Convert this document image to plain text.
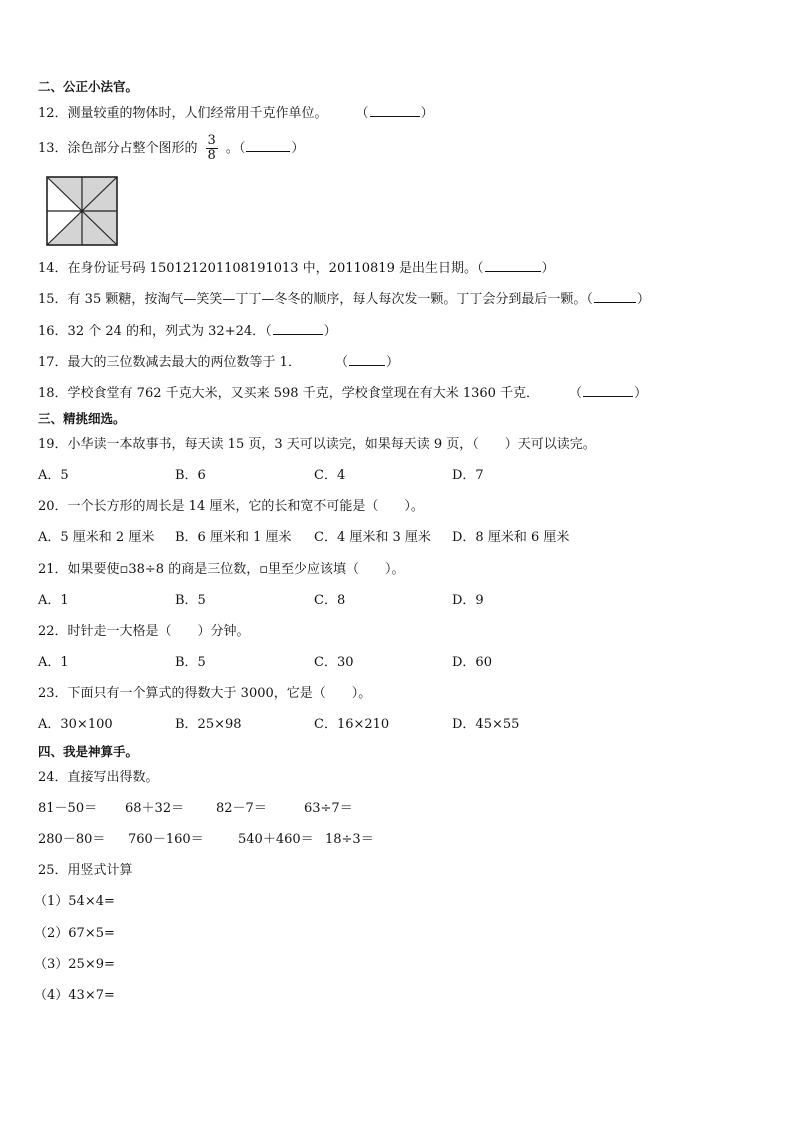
二、公正小法官。
12．测量较重的物体时，人们经常用千克作单位。 （	）
13．涂色部分占整个图形的 $\frac{3}{8}$ 。（	）
14．在身份证号码 150121201108191013 中，20110819 是出生日期。（	）
15．有 35 颗糖，按淘气—笑笑—丁丁—冬冬的顺序，每人每次发一颗。丁丁会分到最后一颗。（	）
16．32 个 24 的和，列式为 32+24．（	）
17．最大的三位数减去最大的两位数等于 1．	（	）
18．学校食堂有 762 千克大米，又买来 598 千克，学校食堂现在有大米 1360 千克． （	）
三、精挑细选。
19．小华读一本故事书，每天读 15 页，3 天可以读完，如果每天读 9 页，（　　）天可以读完。
A．5	B．6	C．4	D．7
20．一个长方形的周长是 14 厘米，它的长和宽不可能是（　　）。
A．5 厘米和 2 厘米 B．6 厘米和 1 厘米 C．4 厘米和 3 厘米 D．8 厘米和 6 厘米
21．如果要使▫38÷8 的商是三位数，▫里至少应该填（　　）。
A．1	B．5	C．8	D．9
22．时针走一大格是（　　）分钟。
A．1	B．5	C．30	D．60
23．下面只有一个算式的得数大于 3000，它是（　　）。
A．30×100	B．25×98	C．16×210	D．45×55
四、我是神算手。
24．直接写出得数。
81－50＝ 68＋32＝ 82－7＝	63÷7＝
280－80＝ 760－160＝	540＋460＝ 18÷3＝
25．用竖式计算
（1）54×4=
（2）67×5=
（3）25×9=
（4）43×7=
